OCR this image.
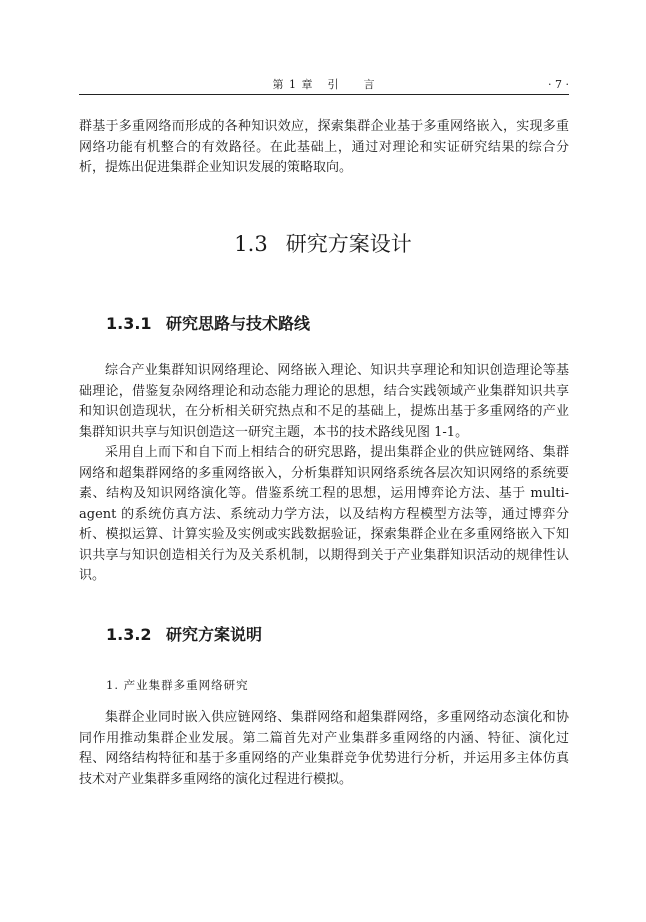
第 1 章 引　　言	· 7 ·

群基于多重网络而形成的各种知识效应，探索集群企业基于多重网络嵌入，实现多重网络功能有机整合的有效路径。在此基础上，通过对理论和实证研究结果的综合分析，提炼出促进集群企业知识发展的策略取向。

1.3 研究方案设计
1.3.1 研究思路与技术路线

综合产业集群知识网络理论、网络嵌入理论、知识共享理论和知识创造理论等基础理论，借鉴复杂网络理论和动态能力理论的思想，结合实践领域产业集群知识共享和知识创造现状，在分析相关研究热点和不足的基础上，提炼出基于多重网络的产业集群知识共享与知识创造这一研究主题，本书的技术路线见图 1-1。

采用自上而下和自下而上相结合的研究思路，提出集群企业的供应链网络、集群网络和超集群网络的多重网络嵌入，分析集群知识网络系统各层次知识网络的系统要素、结构及知识网络演化等。借鉴系统工程的思想，运用博弈论方法、基于 multi-agent 的系统仿真方法、系统动力学方法，以及结构方程模型方法等，通过博弈分析、模拟运算、计算实验及实例或实践数据验证，探索集群企业在多重网络嵌入下知识共享与知识创造相关行为及关系机制，以期得到关于产业集群知识活动的规律性认识。

1.3.2 研究方案说明

1. 产业集群多重网络研究

集群企业同时嵌入供应链网络、集群网络和超集群网络，多重网络动态演化和协同作用推动集群企业发展。第二篇首先对产业集群多重网络的内涵、特征、演化过程、网络结构特征和基于多重网络的产业集群竞争优势进行分析，并运用多主体仿真技术对产业集群多重网络的演化过程进行模拟。
